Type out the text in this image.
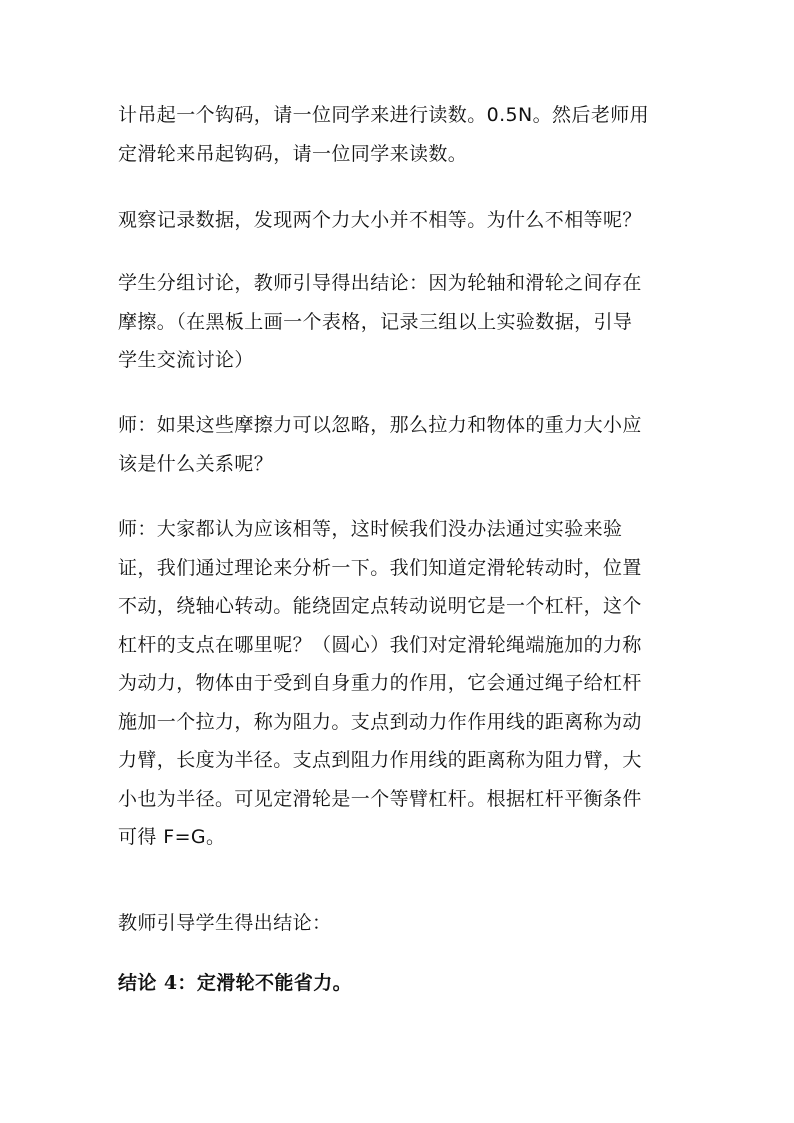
计吊起一个钩码，请一位同学来进行读数。0.5N。然后老师用
定滑轮来吊起钩码，请一位同学来读数。

观察记录数据，发现两个力大小并不相等。为什么不相等呢？

学生分组讨论，教师引导得出结论：因为轮轴和滑轮之间存在
摩擦。（在黑板上画一个表格，记录三组以上实验数据，引导
学生交流讨论）

师：如果这些摩擦力可以忽略，那么拉力和物体的重力大小应
该是什么关系呢？

师：大家都认为应该相等，这时候我们没办法通过实验来验
证，我们通过理论来分析一下。我们知道定滑轮转动时，位置
不动，绕轴心转动。能绕固定点转动说明它是一个杠杆，这个
杠杆的支点在哪里呢？（圆心）我们对定滑轮绳端施加的力称
为动力，物体由于受到自身重力的作用，它会通过绳子给杠杆
施加一个拉力，称为阻力。支点到动力作作用线的距离称为动
力臂，长度为半径。支点到阻力作用线的距离称为阻力臂，大
小也为半径。可见定滑轮是一个等臂杠杆。根据杠杆平衡条件
可得 F=G。

教师引导学生得出结论：

结论 4：定滑轮不能省力。
